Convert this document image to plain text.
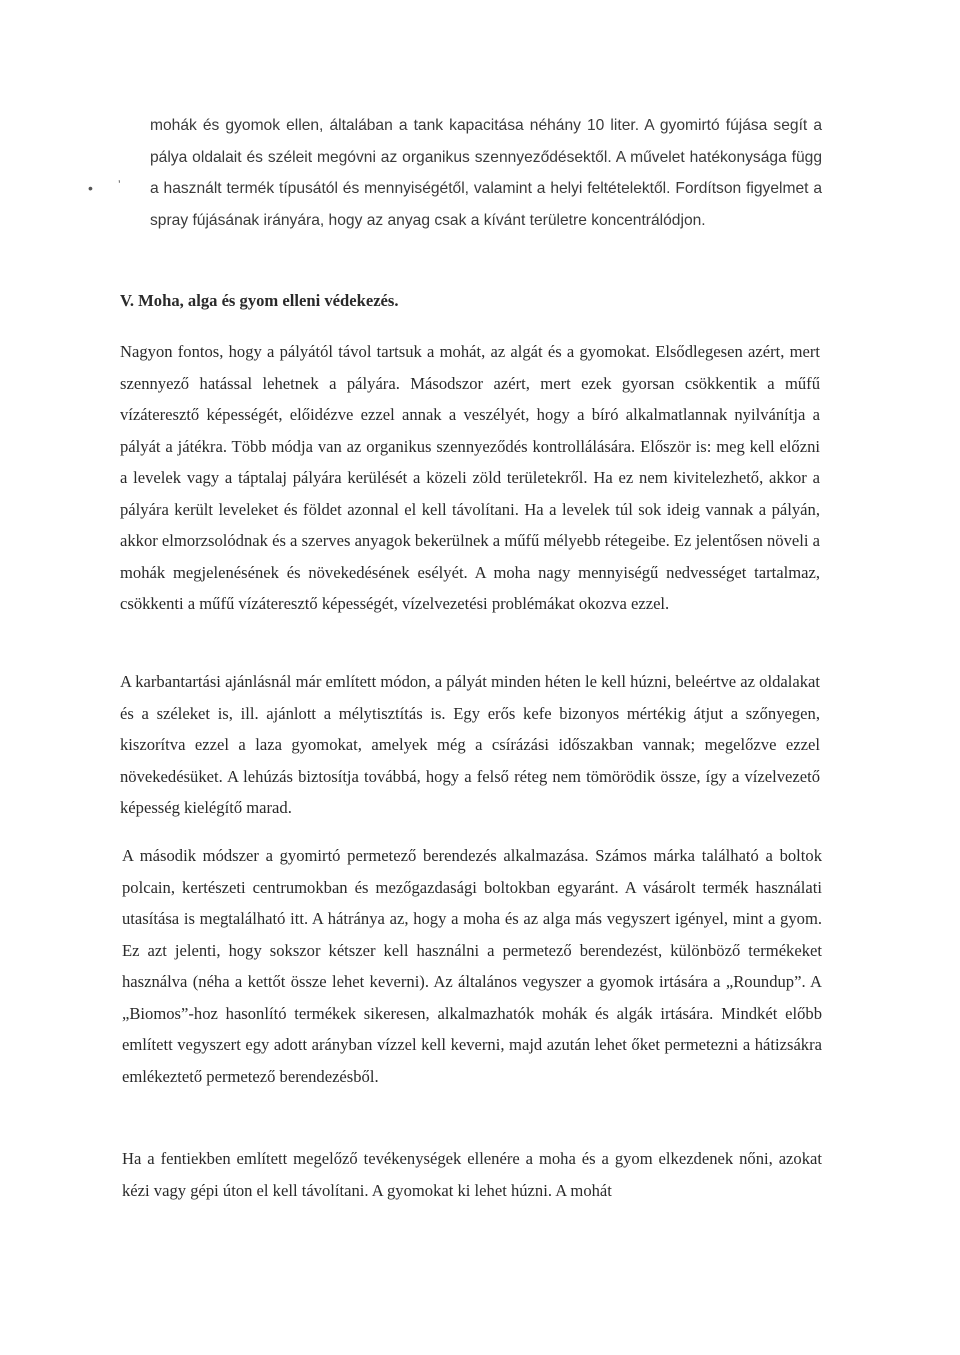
• ʼ

mohák és gyomok ellen, általában a tank kapacitása néhány 10 liter. A gyomirtó fújása segít a pálya oldalait és széleit megóvni az organikus szennyeződésektől. A művelet hatékonysága függ a használt termék típusától és mennyiségétől, valamint a helyi feltételektől. Fordítson figyelmet a spray fújásának irányára, hogy az anyag csak a kívánt területre koncentrálódjon.

V. Moha, alga és gyom elleni védekezés.

Nagyon fontos, hogy a pályától távol tartsuk a mohát, az algát és a gyomokat. Elsődlegesen azért, mert szennyező hatással lehetnek a pályára. Másodszor azért, mert ezek gyorsan csökkentik a műfű vízáteresztő képességét, előidézve ezzel annak a veszélyét, hogy a bíró alkalmatlannak nyilvánítja a pályát a játékra. Több módja van az organikus szennyeződés kontrollálására. Először is: meg kell előzni a levelek vagy a táptalaj pályára kerülését a közeli zöld területekről. Ha ez nem kivitelezhető, akkor a pályára került leveleket és földet azonnal el kell távolítani. Ha a levelek túl sok ideig vannak a pályán, akkor elmorzsolódnak és a szerves anyagok bekerülnek a műfű mélyebb rétegeibe. Ez jelentősen növeli a mohák megjelenésének és növekedésének esélyét. A moha nagy mennyiségű nedvességet tartalmaz, csökkenti a műfű vízáteresztő képességét, vízelvezetési problémákat okozva ezzel.

A karbantartási ajánlásnál már említett módon, a pályát minden héten le kell húzni, beleértve az oldalakat és a széleket is, ill. ajánlott a mélytisztítás is. Egy erős kefe bizonyos mértékig átjut a szőnyegen, kiszorítva ezzel a laza gyomokat, amelyek még a csírázási időszakban vannak; megelőzve ezzel növekedésüket. A lehúzás biztosítja továbbá, hogy a felső réteg nem tömörödik össze, így a vízelvezető képesség kielégítő marad.

A második módszer a gyomirtó permetező berendezés alkalmazása. Számos márka található a boltok polcain, kertészeti centrumokban és mezőgazdasági boltokban egyaránt. A vásárolt termék használati utasítása is megtalálható itt. A hátránya az, hogy a moha és az alga más vegyszert igényel, mint a gyom. Ez azt jelenti, hogy sokszor kétszer kell használni a permetező berendezést, különböző termékeket használva (néha a kettőt össze lehet keverni). Az általános vegyszer a gyomok irtására a „Roundup”. A „Biomos”-hoz hasonlító termékek sikeresen, alkalmazhatók mohák és algák irtására. Mindkét előbb említett vegyszert egy adott arányban vízzel kell keverni, majd azután lehet őket permetezni a hátizsákra emlékeztető permetező berendezésből.

Ha a fentiekben említett megelőző tevékenységek ellenére a moha és a gyom elkezdenek nőni, azokat kézi vagy gépi úton el kell távolítani. A gyomokat ki lehet húzni. A mohát
